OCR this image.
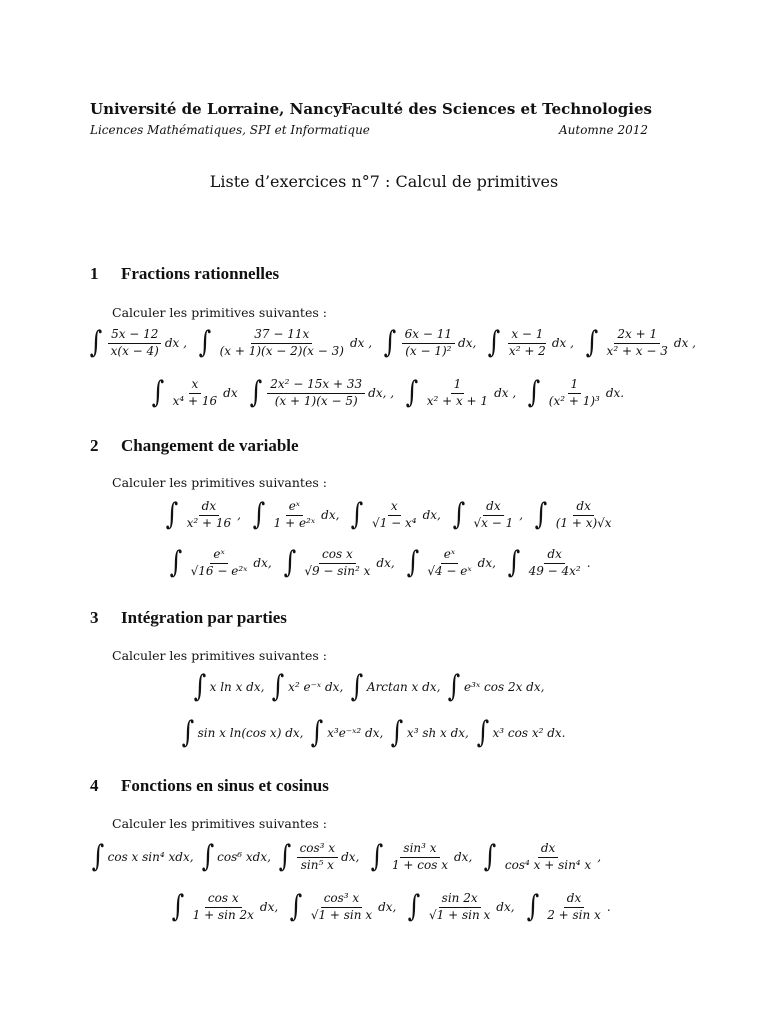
Université de Lorraine, Nancy Faculté des Sciences et Technologies
Licences Mathématiques, SPI et Informatique	Automne 2012
Liste d’exercices n°7 : Calcul de primitives
1 Fractions rationnelles
Calculer les primitives suivantes :
∫ $\frac{5x - 12}{x(x - 4)}$ dx , ∫ $\frac{37 - 11x}{(x + 1)(x - 2)(x - 3)}$ dx , ∫ $\frac{6x - 11}{\text{(x − 1)²}}$ dx, ∫ $\frac{x - 1}{\text{x² + 2}}$ dx , ∫ $\frac{2x + 1}{\text{x² + x − 3}}$ dx ,
∫ $\frac{x}{\text{x⁴ + 16}}$ dx ∫ $\frac{\text{2x² − 15x + 33}}{(x + 1)(x - 5)}$ dx, , ∫ $\frac{1}{\text{x² + x + 1}}$ dx , ∫ $\frac{1}{\text{(x² + 1)³}}$ dx.
2 Changement de variable
Calculer les primitives suivantes :
∫ $\frac{dx}{\text{x² + 16}}$ , ∫ $\frac{\text{eˣ}}{\text{1 + e²ˣ}}$ dx, ∫ $\frac{x}{\text{√1 − x⁴}}$ dx, ∫ $\frac{dx}{√x - 1}$ , ∫ $\frac{dx}{(1 + x)√x}$
∫ $\frac{\text{eˣ}}{\text{√16 − e²ˣ}}$ dx, ∫ $\frac{\text{cos x}}{\text{√9 − sin² x}}$ dx, ∫ $\frac{\text{eˣ}}{\text{√4 − eˣ}}$ dx, ∫ $\frac{dx}{\text{49 − 4x²}}$ .
3 Intégration par parties
Calculer les primitives suivantes :
∫ x ln x dx, ∫ x² e⁻ˣ dx, ∫ Arctan x dx, ∫ e³ˣ cos 2x dx,
∫ sin x ln(cos x) dx, ∫ x³e⁻ˣ² dx, ∫ x³ sh x dx, ∫ x³ cos x² dx.
4 Fonctions en sinus et cosinus
Calculer les primitives suivantes :
∫ cos x sin⁴ xdx, ∫ cos⁶ xdx, ∫ $\frac{\text{cos³ x}}{\text{sin⁵ x}}$ dx, ∫ $\frac{\text{sin³ x}}{\text{1 + cos x}}$ dx, ∫ $\frac{dx}{\text{cos⁴ x + sin⁴ x}}$ ,
∫ $\frac{\text{cos x}}{1 + \sin 2x}$ dx, ∫ $\frac{\text{cos³ x}}{\text{√1 + sin x}}$ dx, ∫ $\frac{\sin 2x}{\text{√1 + sin x}}$ dx, ∫ $\frac{dx}{\text{2 + sin x}}$ .
